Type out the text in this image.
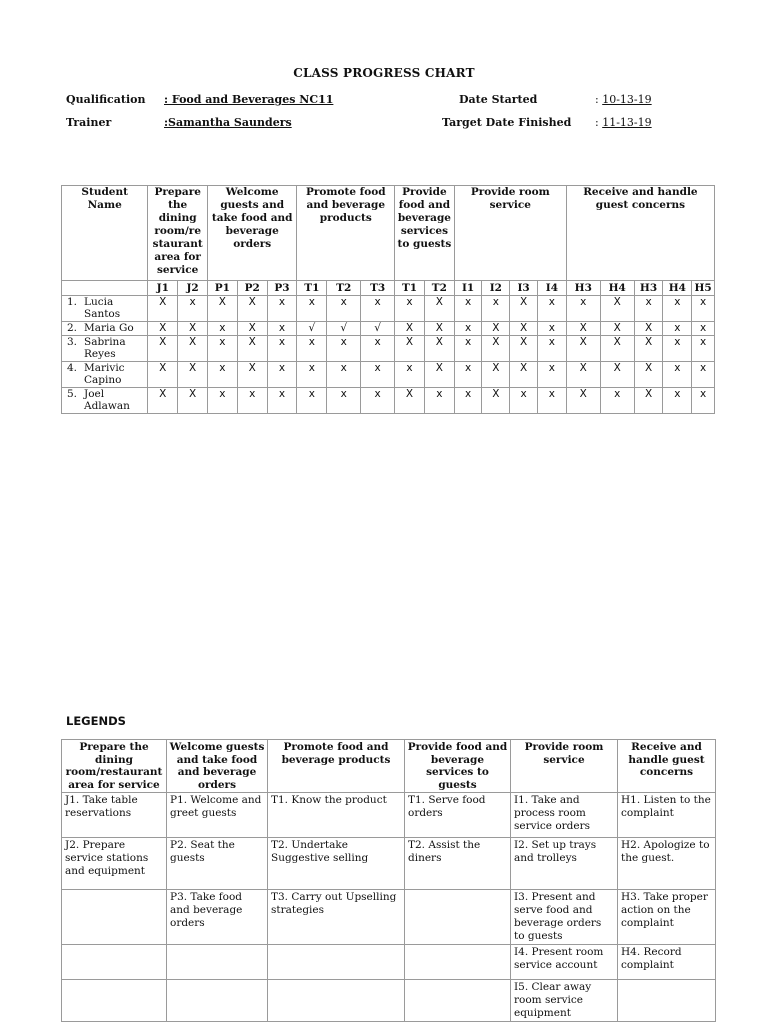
CLASS PROGRESS CHART
Qualification : Food and Beverages NC11	Date Started	: 10-13-19
Trainer	:Samantha Saunders	Target Date Finished : 11-13-19
Student Name	Prepare the dining room/re staurant area for service		Welcome guests and take food and beverage orders			Promote food and beverage products			Provide food and beverage services to guests		Provide room service				Receive and handle guest concerns				
	J1	J2	P1	P2	P3	T1	T2	T3	T1	T2	I1	I2	I3	I4	H3	H4	H3	H4	H5

1. Lucia Santos	X	x	X	X	x	x	x	x	x	X	x	x	X	x	x	X	x	x	x

2. Maria Go	X	X	x	X	x	√	√	√	X	X	x	X	X	x	X	X	X	x	x

3. Sabrina Reyes	X	X	x	X	x	x	x	x	X	X	x	X	X	x	X	X	X	x	x

4. Marivic Capino	X	X	x	X	x	x	x	x	x	X	x	X	X	x	X	X	X	x	x

5. Joel Adlawan	X	X	x	x	x	x	x	x	X	x	x	X	x	x	X	x	X	x	x
LEGENDS
Prepare the dining room/restaurant area for service	Welcome guests and take food and beverage orders	Promote food and beverage products	Provide food and beverage services to guests	Provide room service	Receive and handle guest concerns
J1. Take table reservations	P1. Welcome and greet guests	T1. Know the product	T1. Serve food orders	I1. Take and process room service orders	H1. Listen to the complaint
J2. Prepare service stations and equipment	P2. Seat the guests	T2. Undertake Suggestive selling	T2. Assist the diners	I2. Set up trays and trolleys	H2. Apologize to the guest.
	P3. Take food and beverage orders	T3. Carry out Upselling strategies		I3. Present and serve food and beverage orders to guests	H3. Take proper action on the complaint
				I4. Present room service account	H4. Record complaint
				I5. Clear away room service equipment	
